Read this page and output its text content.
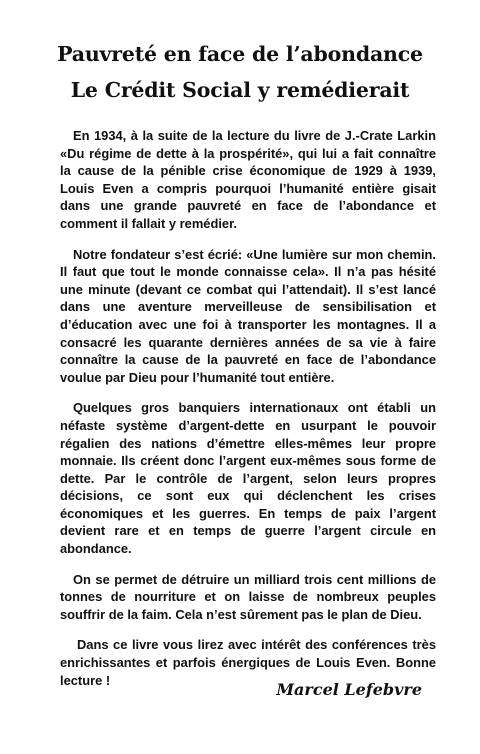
Pauvreté en face de l’abondance
Le Crédit Social y remédierait

En 1934, à la suite de la lecture du livre de J.-Crate Larkin «Du régime de dette à la prospérité», qui lui a fait connaître la cause de la pénible crise économique de 1929 à 1939, Louis Even a compris pourquoi l’humanité entière gisait dans une grande pauvreté en face de l’abondance et comment il fallait y remédier.

Notre fondateur s’est écrié: «Une lumière sur mon chemin. Il faut que tout le monde connaisse cela». Il n’a pas hésité une minute (devant ce combat qui l’attendait). Il s’est lancé dans une aventure merveilleuse de sensibilisation et d’éducation avec une foi à transporter les montagnes. Il a consacré les quarante dernières années de sa vie à faire connaître la cause de la pauvreté en face de l’abondance voulue par Dieu pour l’humanité tout entière.

Quelques gros banquiers internationaux ont établi un néfaste système d’argent-dette en usurpant le pouvoir régalien des nations d’émettre elles-mêmes leur propre monnaie. Ils créent donc l’argent eux-mêmes sous forme de dette. Par le contrôle de l’argent, selon leurs propres décisions, ce sont eux qui déclenchent les crises économiques et les guerres. En temps de paix l’argent devient rare et en temps de guerre l’argent circule en abondance.

On se permet de détruire un milliard trois cent millions de tonnes de nourriture et on laisse de nombreux peuples souffrir de la faim. Cela n’est sûrement pas le plan de Dieu.

Dans ce livre vous lirez avec intérêt des conférences très enrichissantes et parfois énergiques de Louis Even. Bonne lecture !	Marcel Lefebvre
